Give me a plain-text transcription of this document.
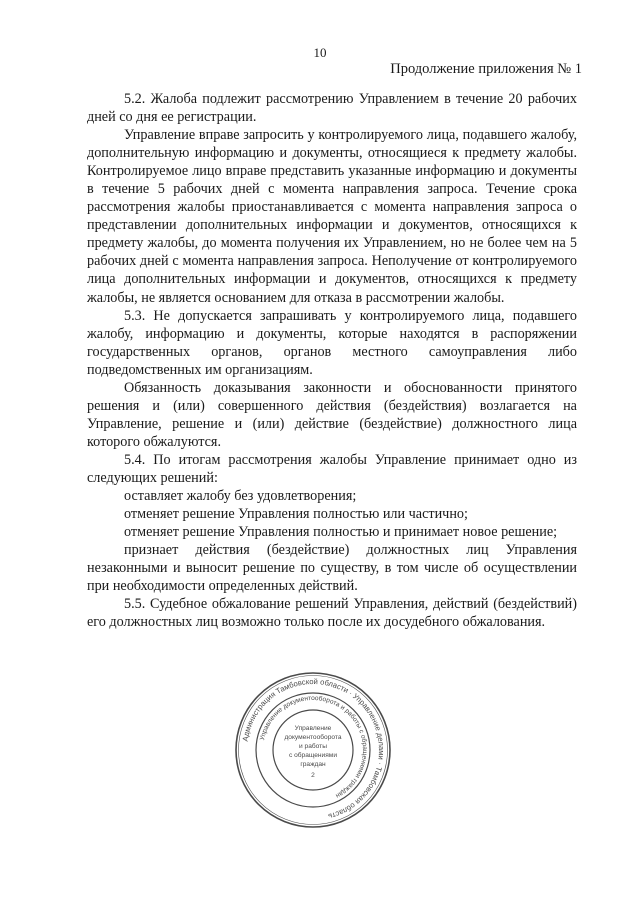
10
Продолжение приложения № 1

5.2. Жалоба подлежит рассмотрению Управлением в течение 20 рабочих дней со дня ее регистрации.

Управление вправе запросить у контролируемого лица, подавшего жалобу, дополнительную информацию и документы, относящиеся к предмету жалобы. Контролируемое лицо вправе представить указанные информацию и документы в течение 5 рабочих дней с момента направления запроса. Течение срока рассмотрения жалобы приостанавливается с момента направления запроса о представлении дополнительных информации и документов, относящихся к предмету жалобы, до момента получения их Управлением, но не более чем на 5 рабочих дней с момента направления запроса. Неполучение от контролируемого лица дополнительных информации и документов, относящихся к предмету жалобы, не является основанием для отказа в рассмотрении жалобы.

5.3. Не допускается запрашивать у контролируемого лица, подавшего жалобу, информацию и документы, которые находятся в распоряжении государственных органов, органов местного самоуправления либо подведомственных им организациям.

Обязанность доказывания законности и обоснованности принятого решения и (или) совершенного действия (бездействия) возлагается на Управление, решение и (или) действие (бездействие) должностного лица которого обжалуются.

5.4. По итогам рассмотрения жалобы Управление принимает одно из следующих решений:

оставляет жалобу без удовлетворения;

отменяет решение Управления полностью или частично;

отменяет решение Управления полностью и принимает новое решение;

признает действия (бездействие) должностных лиц Управления незаконными и выносит решение по существу, в том числе об осуществлении при необходимости определенных действий.

5.5. Судебное обжалование решений Управления, действий (бездействий) его должностных лиц возможно только после их досудебного обжалования.

Администрация Тамбовской области · Управление делами · Тамбовская область
Управление документооборота и работы с обращениями граждан
Управление
документооборота
и работы
с обращениями
граждан
2
